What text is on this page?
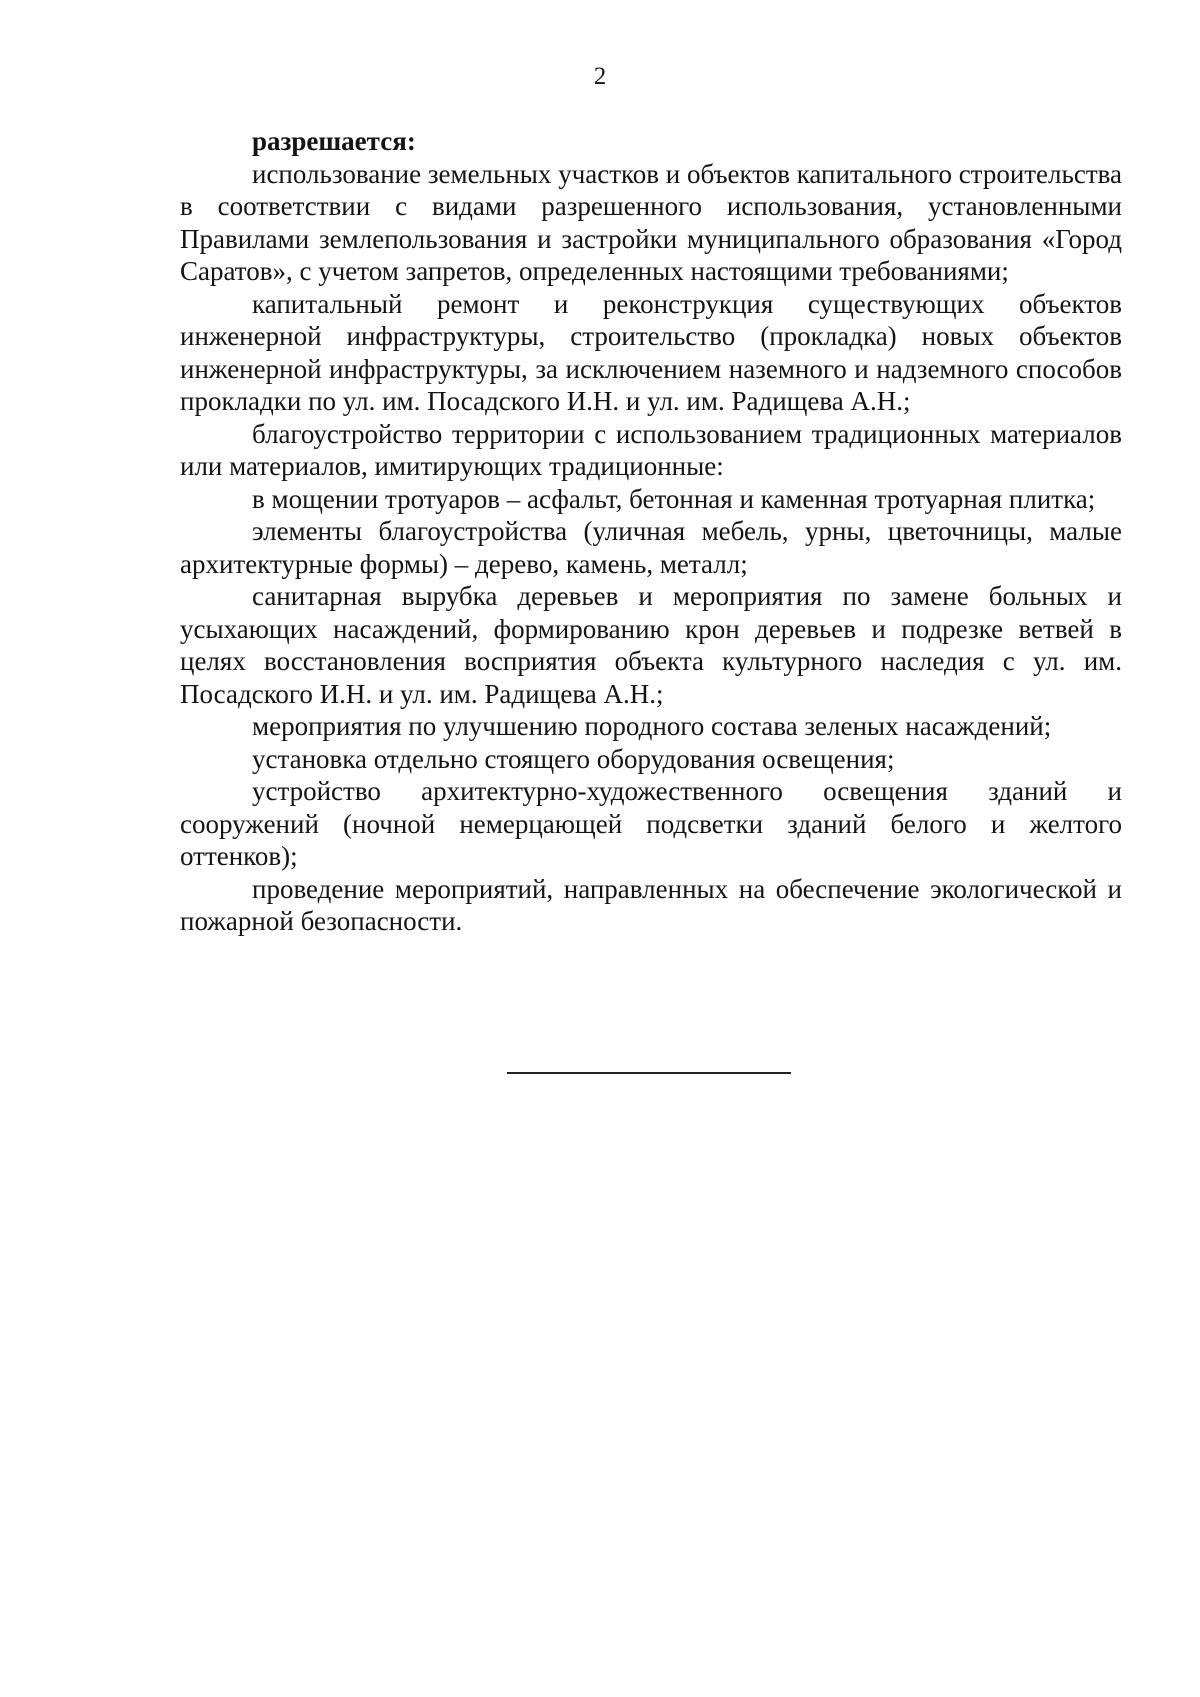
2

разрешается:

использование земельных участков и объектов капитального строительства в соответствии с видами разрешенного использования, установленными Правилами землепользования и застройки муниципального образования «Город Саратов», с учетом запретов, определенных настоящими требованиями;

капитальный ремонт и реконструкция существующих объектов инженерной инфраструктуры, строительство (прокладка) новых объектов инженерной инфраструктуры, за исключением наземного и надземного способов прокладки по ул. им. Посадского И.Н. и ул. им. Радищева А.Н.;

благоустройство территории с использованием традиционных материалов или материалов, имитирующих традиционные:

в мощении тротуаров – асфальт, бетонная и каменная тротуарная плитка;

элементы благоустройства (уличная мебель, урны, цветочницы, малые архитектурные формы) – дерево, камень, металл;

санитарная вырубка деревьев и мероприятия по замене больных и усыхающих насаждений, формированию крон деревьев и подрезке ветвей в целях восстановления восприятия объекта культурного наследия с ул. им. Посадского И.Н. и ул. им. Радищева А.Н.;

мероприятия по улучшению породного состава зеленых насаждений;

установка отдельно стоящего оборудования освещения;

устройство архитектурно-художественного освещения зданий и сооружений (ночной немерцающей подсветки зданий белого и желтого оттенков);

проведение мероприятий, направленных на обеспечение экологической и пожарной безопасности.
